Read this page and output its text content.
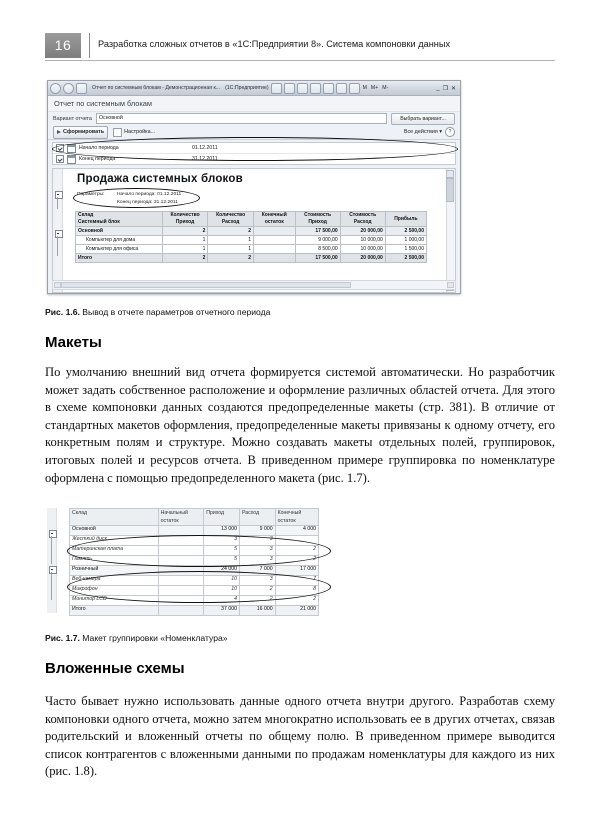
16	Разработка сложных отчетов в «1С:Предприятии 8». Система компоновки данных
Отчет по системным блокам - Демонстрационная к... (1С:Предприятие)	M M+ M-	_ ❐ ✕
Отчет по системным блокам
Вариант отчета	Основной	Выбрать вариант...
Сформировать	Настройка...	Все действия ▾	?
Начало периода	01.12.2011
Конец периода	31.12.2011
Продажа системных блоков
Параметры:	Начало периода: 01.12.2011
Конец периода: 31.12.2011
Склад
Системный блок

Количество
Приход

Количество
Расход

Конечный
остаток

Стоимость
Приход

Стоимость
Расход

Прибыль

Основной	2	2		17 500,00	20 000,00	2 500,00
Компьютер для дома	1	1		9 000,00	10 000,00	1 000,00
Компьютер для офиса	1	1		8 500,00	10 000,00	1 500,00
Итого	2	2		17 500,00	20 000,00	2 500,00
Рис. 1.6. Вывод в отчете параметров отчетного периода
Макеты
По умолчанию внешний вид отчета формируется системой автоматически. Но разработчик может задать собственное расположение и оформление различных областей отчета. Для этого в схеме компоновки данных создаются предопределенные макеты (стр. 381). В отличие от стандартных макетов оформления, предопределенные макеты привязаны к одному отчету, его конкретным полям и структуре. Можно создавать макеты отдельных полей, группировок, итоговых полей и ресурсов отчета. В приведенном примере группировка по номенклатуре оформлена с помощью предопределенного макета (рис. 1.7).
Склад	Начальный
остаток

Приход	Расход	Конечный
остаток

Основной		13 000	9 000	4 000
Жесткий диск		3	3	
Материнская плата		5	3	2
Память		5	3	2
Розничный		24 000	7 000	17 000
Веб-камера		10	3	7
Микрофон		10	2	8
Монитор LCD		4	2	2
Итого		37 000	16 000	21 000
Рис. 1.7. Макет группировки «Номенклатура»
Вложенные схемы
Часто бывает нужно использовать данные одного отчета внутри другого. Разработав схему компоновки одного отчета, можно затем многократно использовать ее в других отчетах, связав родительский и вложенный отчеты по общему полю. В приведенном примере выводится список контрагентов с вложенными данными по продажам номенклатуры для каждого из них (рис. 1.8).
